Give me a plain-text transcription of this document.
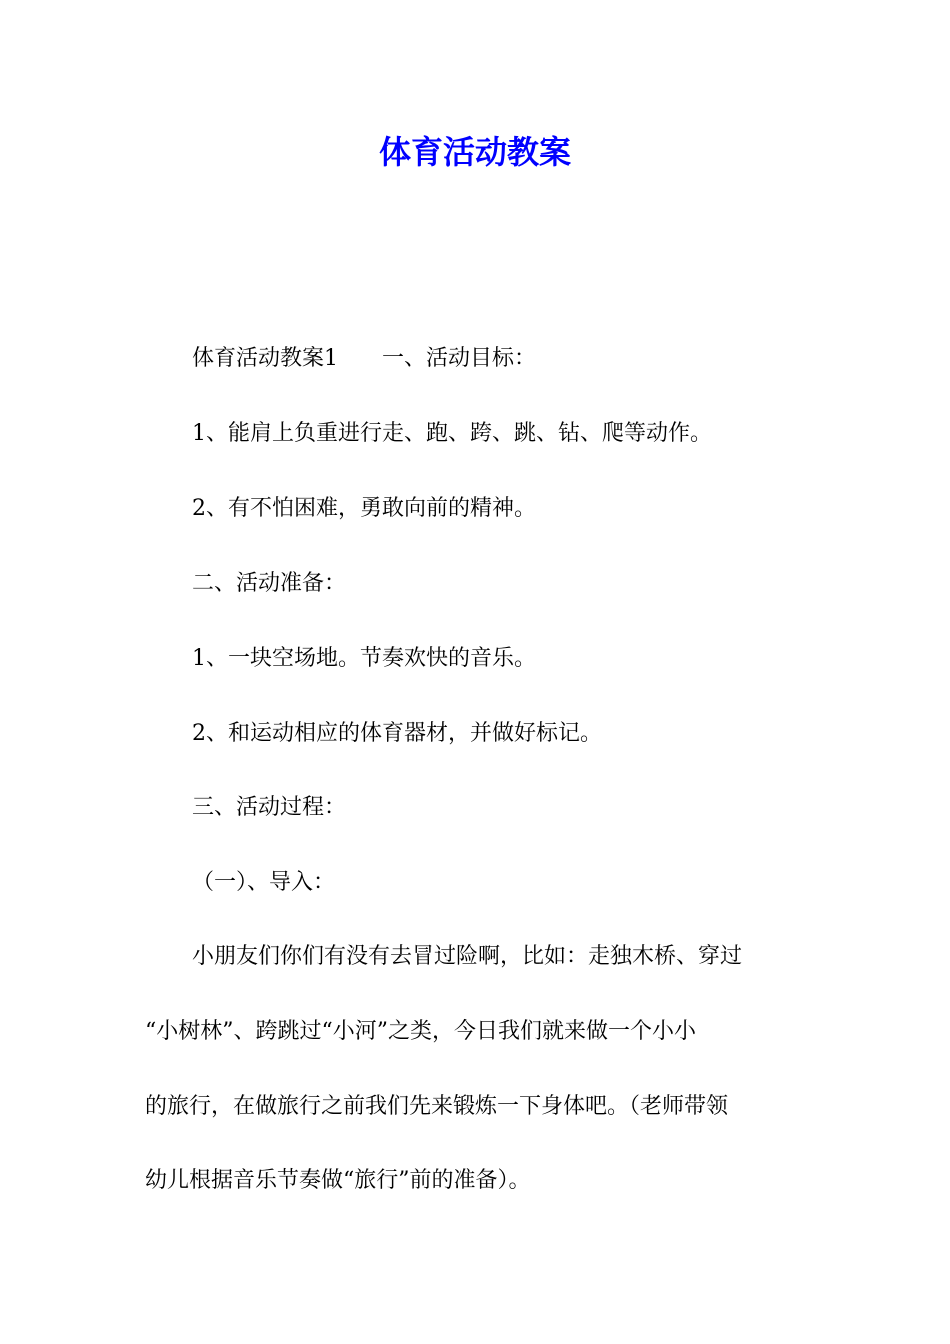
体育活动教案

体育活动教案1 一、活动目标：

1、能肩上负重进行走、跑、跨、跳、钻、爬等动作。

2、有不怕困难，勇敢向前的精神。

二、活动准备：

1、一块空场地。节奏欢快的音乐。

2、和运动相应的体育器材，并做好标记。

三、活动过程：

（一）、导入：

小朋友们你们有没有去冒过险啊，比如：走独木桥、穿过

“小树林”、跨跳过“小河”之类，今日我们就来做一个小小

的旅行，在做旅行之前我们先来锻炼一下身体吧。（老师带领

幼儿根据音乐节奏做“旅行”前的准备）。
